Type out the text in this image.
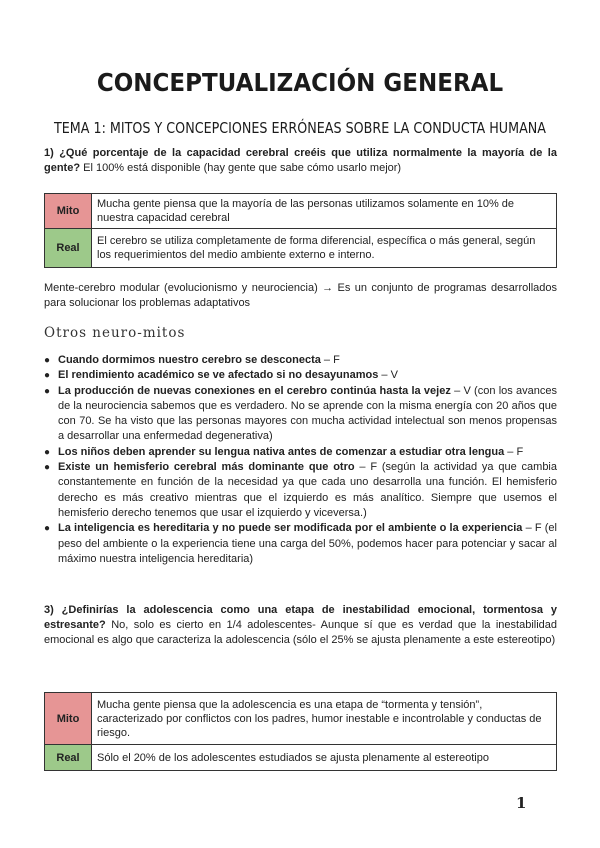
CONCEPTUALIZACIÓN GENERAL
TEMA 1: MITOS Y CONCEPCIONES ERRÓNEAS SOBRE LA CONDUCTA HUMANA
1) ¿Qué porcentaje de la capacidad cerebral creéis que utiliza normalmente la mayoría de la gente? El 100% está disponible (hay gente que sabe cómo usarlo mejor)
Mito	Mucha gente piensa que la mayoría de las personas utilizamos solamente en 10% de nuestra capacidad cerebral
Real	El cerebro se utiliza completamente de forma diferencial, específica o más general, según los requerimientos del medio ambiente externo e interno.
Mente-cerebro modular (evolucionismo y neurociencia) → Es un conjunto de programas desarrollados para solucionar los problemas adaptativos
Otros neuro-mitos
● Cuando dormimos nuestro cerebro se desconecta – F
● El rendimiento académico se ve afectado si no desayunamos – V
● La producción de nuevas conexiones en el cerebro continúa hasta la vejez – V (con los avances de la neurociencia sabemos que es verdadero. No se aprende con la misma energía con 20 años que con 70. Se ha visto que las personas mayores con mucha actividad intelectual son menos propensas a desarrollar una enfermedad degenerativa)
● Los niños deben aprender su lengua nativa antes de comenzar a estudiar otra lengua – F
● Existe un hemisferio cerebral más dominante que otro – F (según la actividad ya que cambia constantemente en función de la necesidad ya que cada uno desarrolla una función. El hemisferio derecho es más creativo mientras que el izquierdo es más analítico. Siempre que usemos el hemisferio derecho tenemos que usar el izquierdo y viceversa.)
● La inteligencia es hereditaria y no puede ser modificada por el ambiente o la experiencia – F (el peso del ambiente o la experiencia tiene una carga del 50%, podemos hacer para potenciar y sacar al máximo nuestra inteligencia hereditaria)
3) ¿Definirías la adolescencia como una etapa de inestabilidad emocional, tormentosa y estresante? No, solo es cierto en 1/4 adolescentes- Aunque sí que es verdad que la inestabilidad emocional es algo que caracteriza la adolescencia (sólo el 25% se ajusta plenamente a este estereotipo)
Mito	Mucha gente piensa que la adolescencia es una etapa de “tormenta y tensión”, caracterizado por conflictos con los padres, humor inestable e incontrolable y conductas de riesgo.
Real	Sólo el 20% de los adolescentes estudiados se ajusta plenamente al estereotipo
1
